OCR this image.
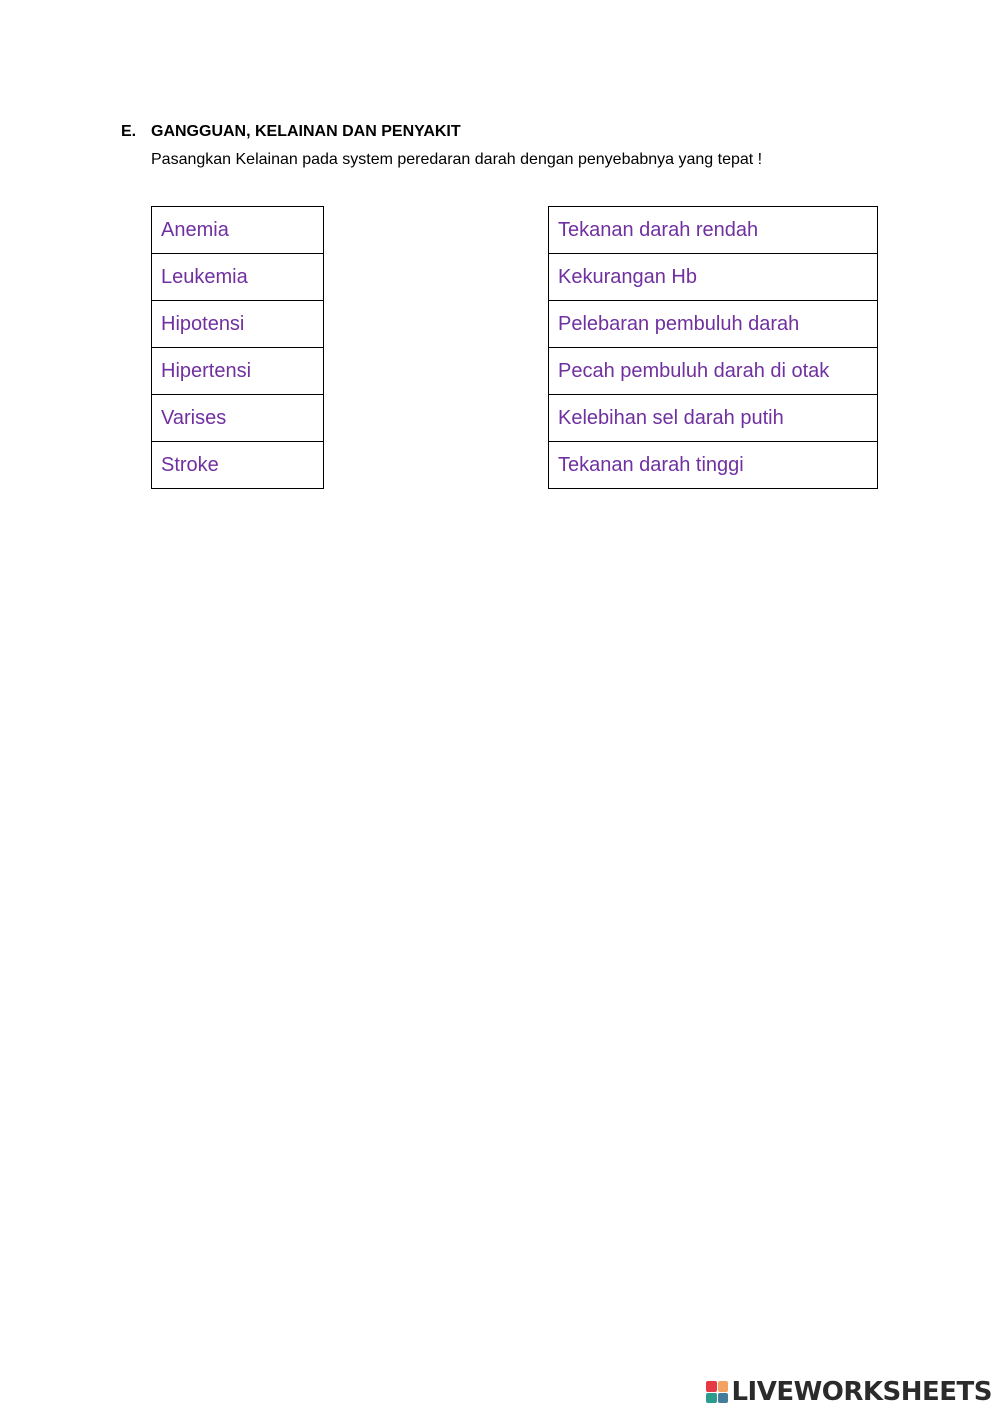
E. GANGGUAN, KELAINAN DAN PENYAKIT
Pasangkan Kelainan pada system peredaran darah dengan penyebabnya yang tepat !
Anemia
Leukemia
Hipotensi
Hipertensi
Varises
Stroke
Tekanan darah rendah
Kekurangan Hb
Pelebaran pembuluh darah
Pecah pembuluh darah di otak
Kelebihan sel darah putih
Tekanan darah tinggi
LIVEWORKSHEETS
